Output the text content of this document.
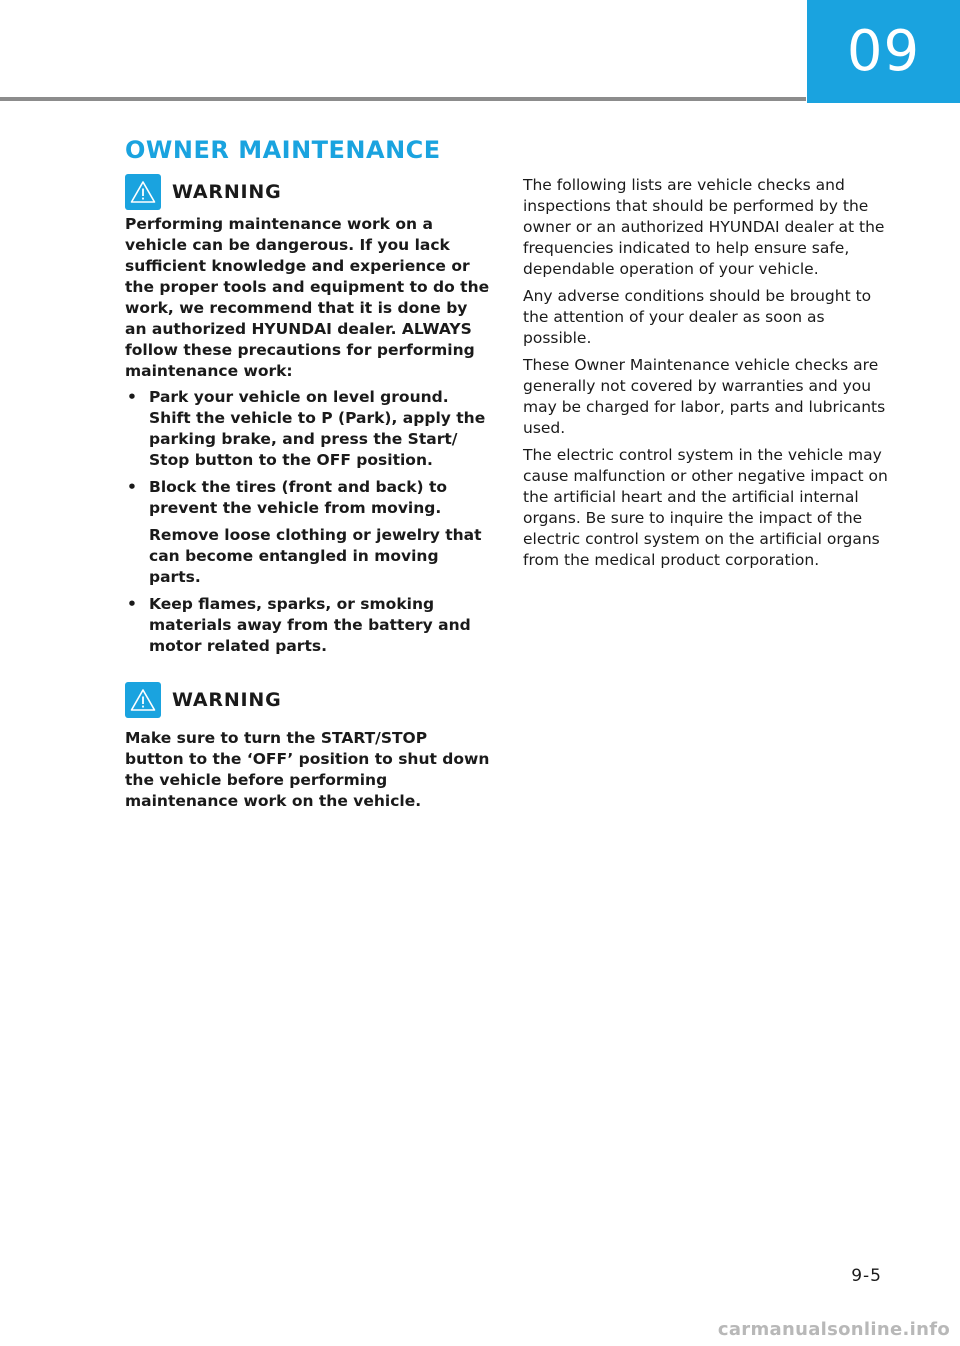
09
OWNER MAINTENANCE
WARNING

Performing maintenance work on a vehicle can be dangerous. If you lack sufficient knowledge and experience or the proper tools and equipment to do the work, we recommend that it is done by an authorized HYUNDAI dealer. ALWAYS follow these precautions for performing maintenance work:

• Park your vehicle on level ground. Shift the vehicle to P (Park), apply the parking brake, and press the Start/ Stop button to the OFF position.
• Block the tires (front and back) to prevent the vehicle from moving.
Remove loose clothing or jewelry that can become entangled in moving parts.
• Keep flames, sparks, or smoking materials away from the battery and motor related parts.
WARNING

Make sure to turn the START/STOP button to the ‘OFF’ position to shut down the vehicle before performing maintenance work on the vehicle.

The following lists are vehicle checks and inspections that should be performed by the owner or an authorized HYUNDAI dealer at the frequencies indicated to help ensure safe, dependable operation of your vehicle.

Any adverse conditions should be brought to the attention of your dealer as soon as possible.

These Owner Maintenance vehicle checks are generally not covered by warranties and you may be charged for labor, parts and lubricants used.

The electric control system in the vehicle may cause malfunction or other negative impact on the artificial heart and the artificial internal organs. Be sure to inquire the impact of the electric control system on the artificial organs from the medical product corporation.

9-5
carmanualsonline.info
